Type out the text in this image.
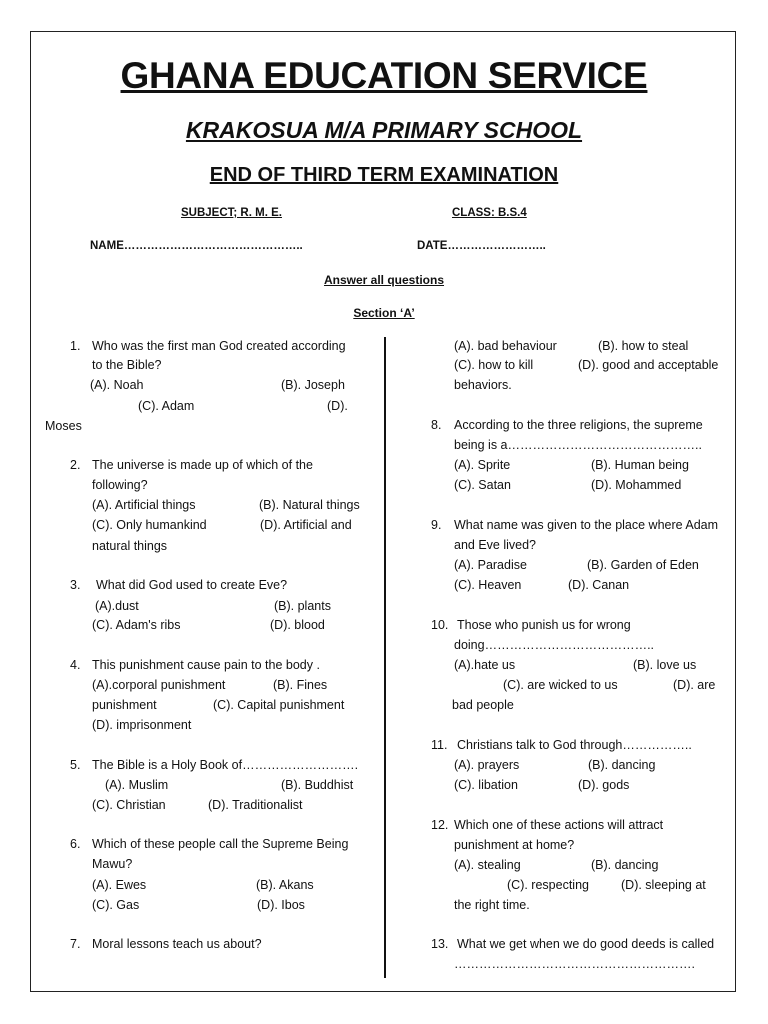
GHANA EDUCATION SERVICE
KRAKOSUA M/A PRIMARY SCHOOL
END OF THIRD TERM EXAMINATION
SUBJECT; R. M. E.	CLASS: B.S.4
NAME………………………………………..	DATE……………………..
Answer all questions
Section ‘A’
1. Who was the first man God created according
to the Bible?
(A). Noah	(B). Joseph
(C). Adam	(D).
Moses
2. The universe is made up of which of the
following?
(A). Artificial things	(B). Natural things
(C). Only humankind	(D). Artificial and
natural things
3. What did God used to create Eve?
(A).dust	(B). plants
(C). Adam's ribs	(D). blood
4. This punishment cause pain to the body .
(A).corporal punishment	(B). Fines
punishment	(C). Capital punishment
(D). imprisonment
5. The Bible is a Holy Book of……………………….
(A). Muslim	(B). Buddhist
(C). Christian	(D). Traditionalist
6. Which of these people call the Supreme Being
Mawu?
(A). Ewes	(B). Akans
(C). Gas	(D). Ibos
7. Moral lessons teach us about?
(A). bad behaviour	(B). how to steal
(C). how to kill	(D). good and acceptable
behaviors.
8. According to the three religions, the supreme
being is a………………………………………..
(A). Sprite	(B). Human being
(C). Satan	(D). Mohammed
9. What name was given to the place where Adam
and Eve lived?
(A). Paradise	(B). Garden of Eden
(C). Heaven	(D). Canan
10. Those who punish us for wrong
doing…………………………………..
(A).hate us	(B). love us
(C). are wicked to us	(D). are
bad people
11. Christians talk to God through……………..
(A). prayers	(B). dancing
(C). libation	(D). gods
12. Which one of these actions will attract
punishment at home?
(A). stealing	(B). dancing
(C). respecting	(D). sleeping at
the right time.
13. What we get when we do good deeds is called
………………………………………………….
